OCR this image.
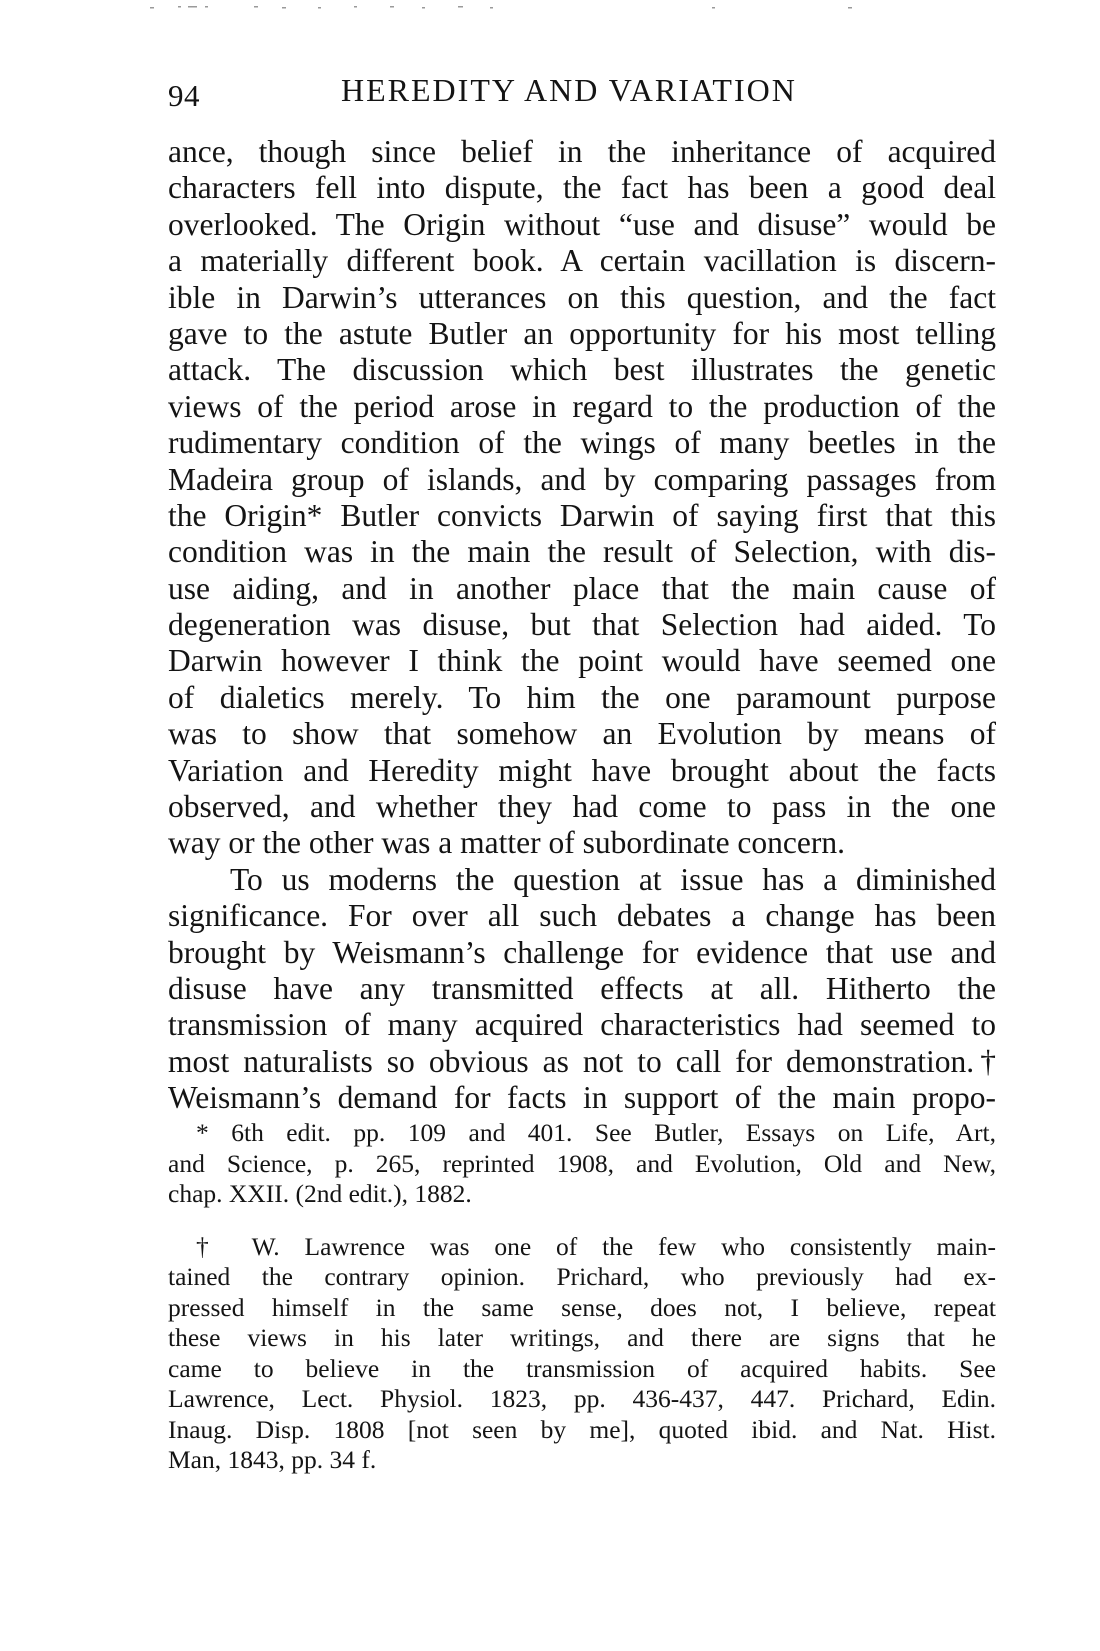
94	HEREDITY AND VARIATION
ance, though since belief in the inheritance of acquired
characters fell into dispute, the fact has been a good deal
overlooked. The Origin without “use and disuse” would be
a materially different book. A certain vacillation is discern-
ible in Darwin’s utterances on this question, and the fact
gave to the astute Butler an opportunity for his most telling
attack. The discussion which best illustrates the genetic
views of the period arose in regard to the production of the
rudimentary condition of the wings of many beetles in the
Madeira group of islands, and by comparing passages from
the Origin* Butler convicts Darwin of saying first that this
condition was in the main the result of Selection, with dis-
use aiding, and in another place that the main cause of
degeneration was disuse, but that Selection had aided. To
Darwin however I think the point would have seemed one
of dialetics merely. To him the one paramount purpose
was to show that somehow an Evolution by means of
Variation and Heredity might have brought about the facts
observed, and whether they had come to pass in the one
way or the other was a matter of subordinate concern.
To us moderns the question at issue has a diminished
significance. For over all such debates a change has been
brought by Weismann’s challenge for evidence that use and
disuse have any transmitted effects at all. Hitherto the
transmission of many acquired characteristics had seemed to
most naturalists so obvious as not to call for demonstration.†
Weismann’s demand for facts in support of the main propo-
* 6th edit. pp. 109 and 401. See Butler, Essays on Life, Art,
and Science, p. 265, reprinted 1908, and Evolution, Old and New,
chap. XXII. (2nd edit.), 1882.
† W. Lawrence was one of the few who consistently main-
tained the contrary opinion. Prichard, who previously had ex-
pressed himself in the same sense, does not, I believe, repeat
these views in his later writings, and there are signs that he
came to believe in the transmission of acquired habits. See
Lawrence, Lect. Physiol. 1823, pp. 436-437, 447. Prichard, Edin.
Inaug. Disp. 1808 [not seen by me], quoted ibid. and Nat. Hist.
Man, 1843, pp. 34 f.
